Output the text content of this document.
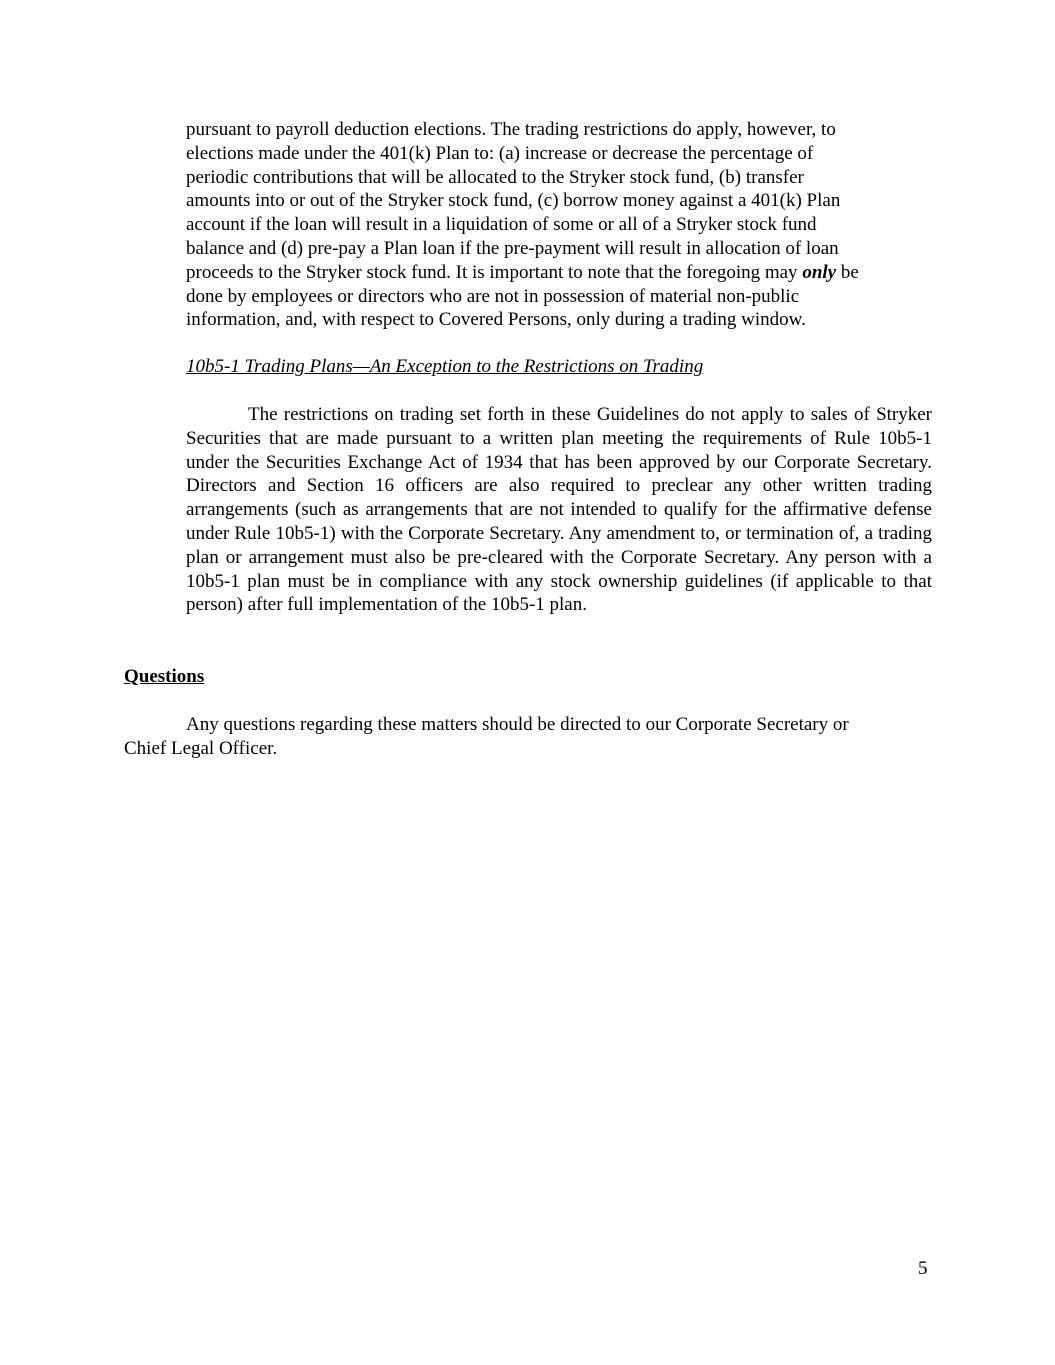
pursuant to payroll deduction elections. The trading restrictions do apply, however, to
elections made under the 401(k) Plan to: (a) increase or decrease the percentage of
periodic contributions that will be allocated to the Stryker stock fund, (b) transfer
amounts into or out of the Stryker stock fund, (c) borrow money against a 401(k) Plan
account if the loan will result in a liquidation of some or all of a Stryker stock fund
balance and (d) pre-pay a Plan loan if the pre-payment will result in allocation of loan
proceeds to the Stryker stock fund. It is important to note that the foregoing may only be
done by employees or directors who are not in possession of material non-public
information, and, with respect to Covered Persons, only during a trading window.
10b5-1 Trading Plans—An Exception to the Restrictions on Trading

The restrictions on trading set forth in these Guidelines do not apply to sales of Stryker Securities that are made pursuant to a written plan meeting the requirements of Rule 10b5-1 under the Securities Exchange Act of 1934 that has been approved by our Corporate Secretary. Directors and Section 16 officers are also required to preclear any other written trading arrangements (such as arrangements that are not intended to qualify for the affirmative defense under Rule 10b5-1) with the Corporate Secretary. Any amendment to, or termination of, a trading plan or arrangement must also be pre-cleared with the Corporate Secretary. Any person with a 10b5-1 plan must be in compliance with any stock ownership guidelines (if applicable to that person) after full implementation of the 10b5-1 plan.

Questions
Any questions regarding these matters should be directed to our Corporate Secretary or
Chief Legal Officer.
5
